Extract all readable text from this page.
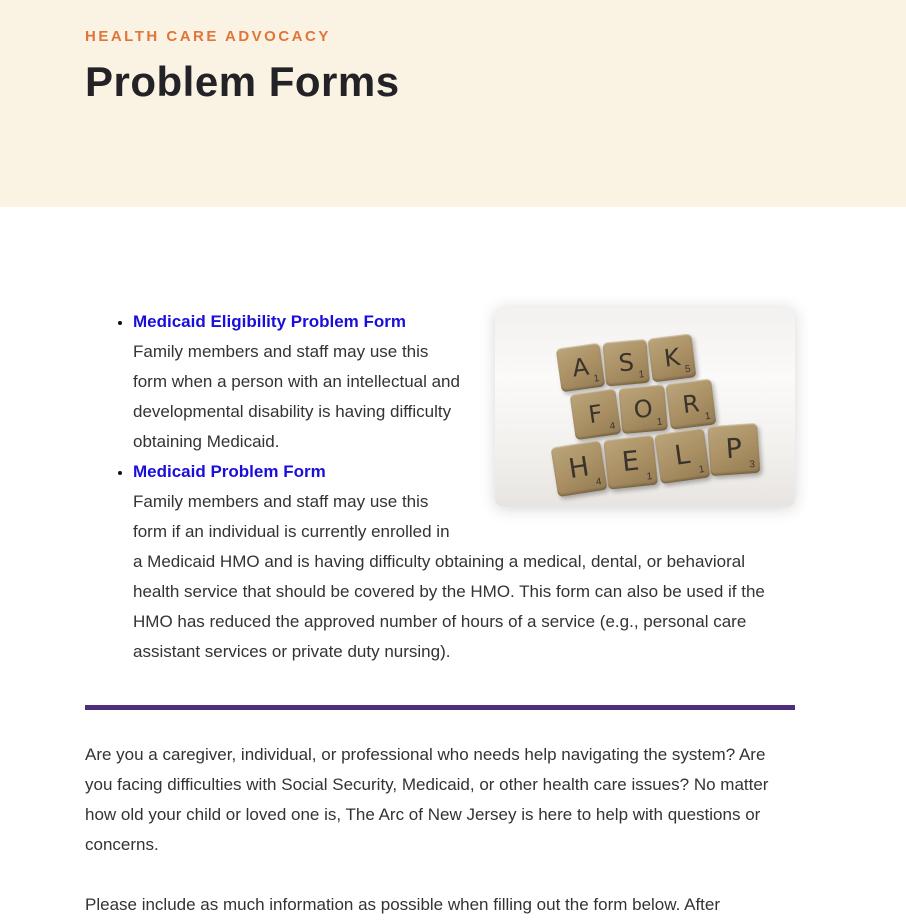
HEALTH CARE ADVOCACY
Problem Forms
A 1
S 1
K 5
F 4
O 1
R 1
H 4
E 1
L 1
P 3
• Medicaid Eligibility Problem Form
Family members and staff may use this form when a person with an intellectual and developmental disability is having difficulty obtaining Medicaid.
• Medicaid Problem Form
Family members and staff may use this form if an individual is currently enrolled in a Medicaid HMO and is having difficulty obtaining a medical, dental, or behavioral health service that should be covered by the HMO. This form can also be used if the HMO has reduced the approved number of hours of a service (e.g., personal care assistant services or private duty nursing).

Are you a caregiver, individual, or professional who needs help navigating the system? Are you facing difficulties with Social Security, Medicaid, or other health care issues? No matter how old your child or loved one is, The Arc of New Jersey is here to help with questions or concerns.

Please include as much information as possible when filling out the form below. After
